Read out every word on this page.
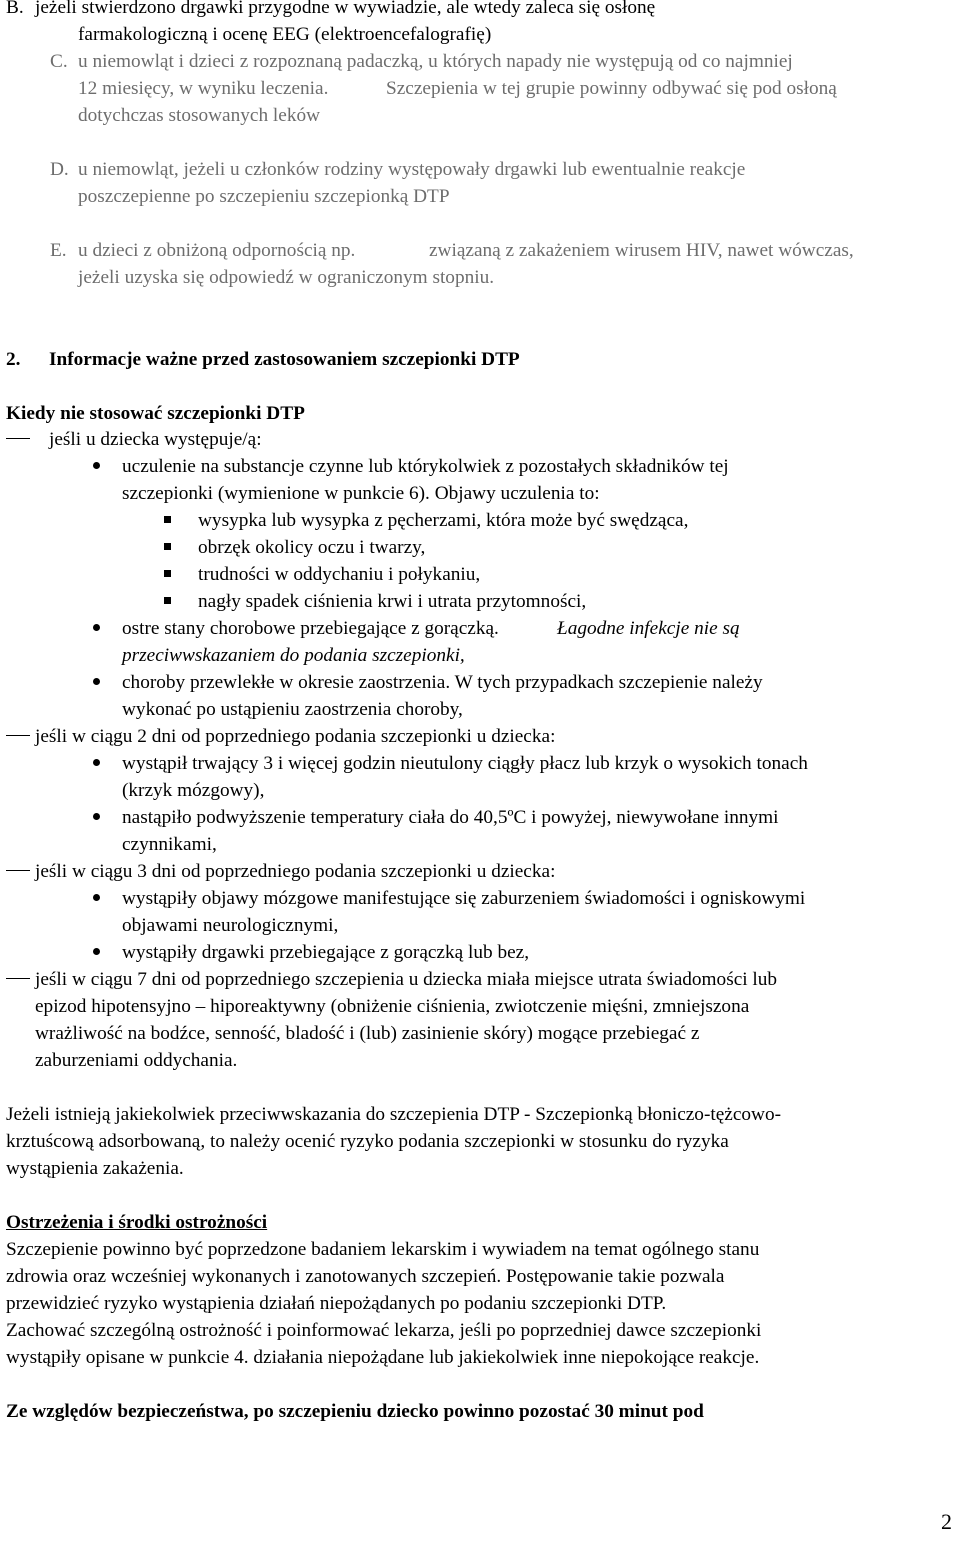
B. jeżeli stwierdzono drgawki przygodne w wywiadzie, ale wtedy zaleca się osłonę
farmakologiczną i ocenę EEG (elektroencefalografię)
C. u niemowląt i dzieci z rozpoznaną padaczką, u których napady nie występują od co najmniej
12 miesięcy, w wyniku leczenia.	Szczepienia w tej grupie powinny odbywać się pod osłoną
dotychczas stosowanych leków
D. u niemowląt, jeżeli u członków rodziny występowały drgawki lub ewentualnie reakcje
poszczepienne po szczepieniu szczepionką DTP
E. u dzieci z obniżoną odpornością np.	związaną z zakażeniem wirusem HIV, nawet wówczas,
jeżeli uzyska się odpowiedź w ograniczonym stopniu.
2. Informacje ważne przed zastosowaniem szczepionki DTP
Kiedy nie stosować szczepionki DTP
jeśli u dziecka występuje/ą:
uczulenie na substancje czynne lub którykolwiek z pozostałych składników tej
szczepionki (wymienione w punkcie 6). Objawy uczulenia to:
wysypka lub wysypka z pęcherzami, która może być swędząca,
obrzęk okolicy oczu i twarzy,
trudności w oddychaniu i połykaniu,
nagły spadek ciśnienia krwi i utrata przytomności,
ostre stany chorobowe przebiegające z gorączką.	Łagodne infekcje nie są
przeciwwskazaniem do podania szczepionki,
choroby przewlekłe w okresie zaostrzenia. W tych przypadkach szczepienie należy
wykonać po ustąpieniu zaostrzenia choroby,
jeśli w ciągu 2 dni od poprzedniego podania szczepionki u dziecka:
wystąpił trwający 3 i więcej godzin nieutulony ciągły płacz lub krzyk o wysokich tonach
(krzyk mózgowy),
nastąpiło podwyższenie temperatury ciała do 40,5ºC i powyżej, niewywołane innymi
czynnikami,
jeśli w ciągu 3 dni od poprzedniego podania szczepionki u dziecka:
wystąpiły objawy mózgowe manifestujące się zaburzeniem świadomości i ogniskowymi
objawami neurologicznymi,
wystąpiły drgawki przebiegające z gorączką lub bez,
jeśli w ciągu 7 dni od poprzedniego szczepienia u dziecka miała miejsce utrata świadomości lub
epizod hipotensyjno – hiporeaktywny (obniżenie ciśnienia, zwiotczenie mięśni, zmniejszona
wrażliwość na bodźce, senność, bladość i (lub) zasinienie skóry) mogące przebiegać z
zaburzeniami oddychania.
Jeżeli istnieją jakiekolwiek przeciwwskazania do szczepienia DTP - Szczepionką błoniczo-tężcowo-
krztuścową adsorbowaną, to należy ocenić ryzyko podania szczepionki w stosunku do ryzyka
wystąpienia zakażenia.
Ostrzeżenia i środki ostrożności
Szczepienie powinno być poprzedzone badaniem lekarskim i wywiadem na temat ogólnego stanu
zdrowia oraz wcześniej wykonanych i zanotowanych szczepień. Postępowanie takie pozwala
przewidzieć ryzyko wystąpienia działań niepożądanych po podaniu szczepionki DTP.
Zachować szczególną ostrożność i poinformować lekarza, jeśli po poprzedniej dawce szczepionki
wystąpiły opisane w punkcie 4. działania niepożądane lub jakiekolwiek inne niepokojące reakcje.
Ze względów bezpieczeństwa, po szczepieniu dziecko powinno pozostać 30 minut pod
2
